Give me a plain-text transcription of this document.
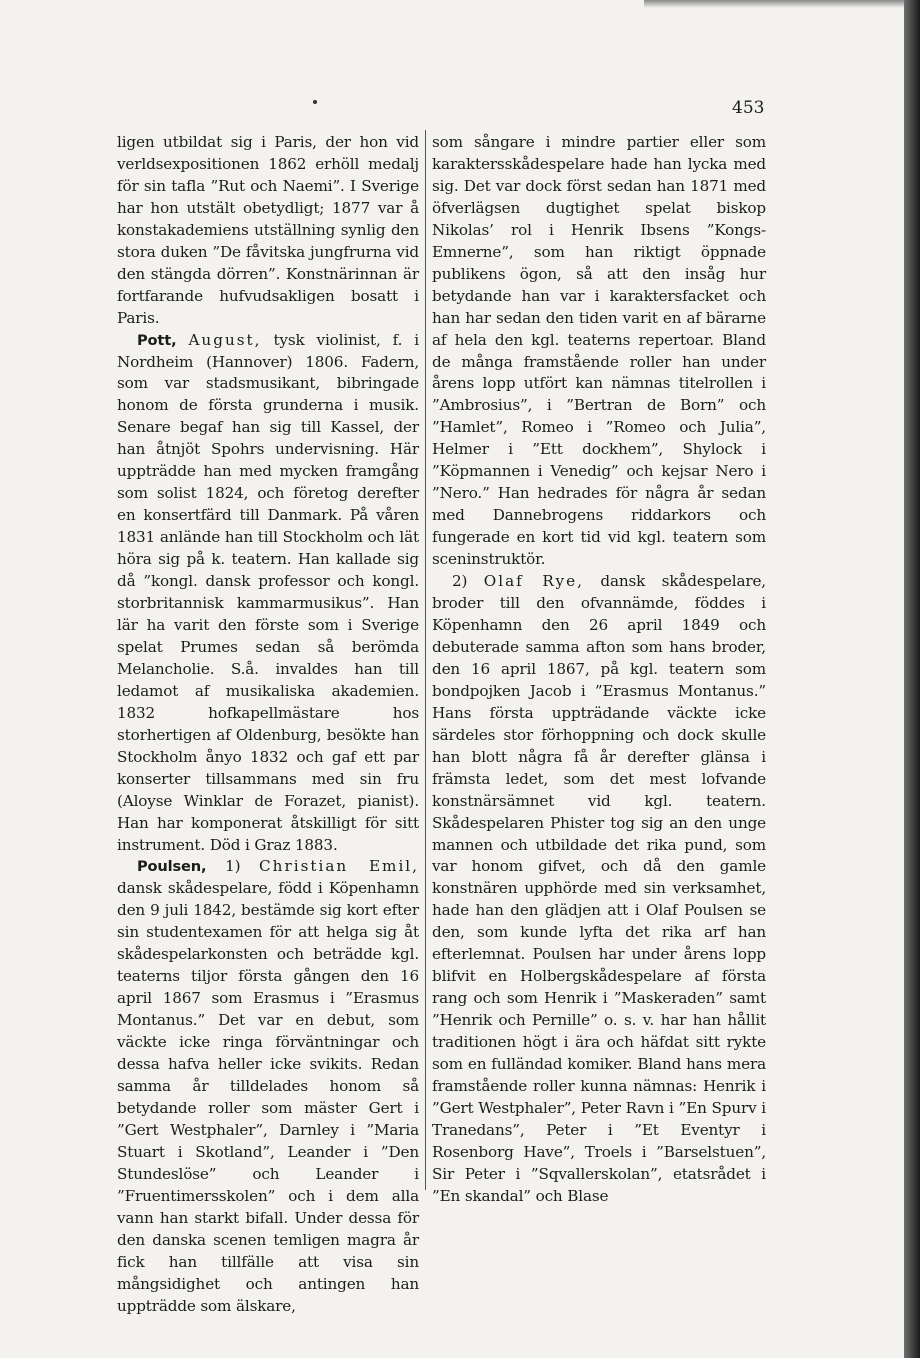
453

ligen utbildat sig i Paris, der hon vid verldsexpositionen 1862 erhöll medalj för sin tafla ”Rut och Naemi”. I Sverige har hon utstält obetydligt; 1877 var å konstakademiens utställning synlig den stora duken ”De fåvitska jungfrurna vid den stängda dörren”. Konstnärinnan är fortfarande hufvudsakligen bosatt i Paris.

Pott, August, tysk violinist, f. i Nordheim (Hannover) 1806. Fadern, som var stadsmusikant, bibringade honom de första grunderna i musik. Senare begaf han sig till Kassel, der han åtnjöt Spohrs undervisning. Här uppträdde han med mycken framgång som solist 1824, och företog derefter en konsertfärd till Danmark. På våren 1831 anlände han till Stockholm och lät höra sig på k. teatern. Han kallade sig då ”kongl. dansk professor och kongl. storbritannisk kammarmusikus”. Han lär ha varit den förste som i Sverige spelat Prumes sedan så berömda Melancholie. S.å. invaldes han till ledamot af musikaliska akademien. 1832 hofkapellmästare hos storhertigen af Oldenburg, besökte han Stockholm ånyo 1832 och gaf ett par konserter tillsammans med sin fru (Aloyse Winklar de Forazet, pianist). Han har komponerat åtskilligt för sitt instrument. Död i Graz 1883.

Poulsen, 1) Christian Emil, dansk skådespelare, född i Köpenhamn den 9 juli 1842, bestämde sig kort efter sin studentexamen för att helga sig åt skådespelarkonsten och beträdde kgl. teaterns tiljor första gången den 16 april 1867 som Erasmus i ”Erasmus Montanus.” Det var en debut, som väckte icke ringa förväntningar och dessa hafva heller icke svikits. Redan samma år tilldelades honom så betydande roller som mäster Gert i ”Gert Westphaler”, Darnley i ”Maria Stuart i Skotland”, Leander i ”Den Stundeslöse” och Leander i ”Fruentimersskolen” och i dem alla vann han starkt bifall. Under dessa för den danska scenen temligen magra år fick han tillfälle att visa sin mångsidighet och antingen han uppträdde som älskare,

som sångare i mindre partier eller som karaktersskådespelare hade han lycka med sig. Det var dock först sedan han 1871 med öfverlägsen dugtighet spelat biskop Nikolas’ rol i Henrik Ibsens ”Kongs-Emnerne”, som han riktigt öppnade publikens ögon, så att den insåg hur betydande han var i karaktersfacket och han har sedan den tiden varit en af bärarne af hela den kgl. teaterns repertoar. Bland de många framstående roller han under årens lopp utfört kan nämnas titelrollen i ”Ambrosius”, i ”Bertran de Born” och ”Hamlet”, Romeo i ”Romeo och Julia”, Helmer i ”Ett dockhem”, Shylock i ”Köpmannen i Venedig” och kejsar Nero i ”Nero.” Han hedrades för några år sedan med Dannebrogens riddarkors och fungerade en kort tid vid kgl. teatern som sceninstruktör.

2) Olaf Rye, dansk skådespelare, broder till den ofvannämde, föddes i Köpenhamn den 26 april 1849 och debuterade samma afton som hans broder, den 16 april 1867, på kgl. teatern som bondpojken Jacob i ”Erasmus Montanus.” Hans första uppträdande väckte icke särdeles stor förhoppning och dock skulle han blott några få år derefter glänsa i främsta ledet, som det mest lofvande konstnärsämnet vid kgl. teatern. Skådespelaren Phister tog sig an den unge mannen och utbildade det rika pund, som var honom gifvet, och då den gamle konstnären upphörde med sin verksamhet, hade han den glädjen att i Olaf Poulsen se den, som kunde lyfta det rika arf han efterlemnat. Poulsen har under årens lopp blifvit en Holbergskådespelare af första rang och som Henrik i ”Maskeraden” samt ”Henrik och Pernille” o. s. v. har han hållit traditionen högt i ära och häfdat sitt rykte som en fulländad komiker. Bland hans mera framstående roller kunna nämnas: Henrik i ”Gert Westphaler”, Peter Ravn i ”En Spurv i Tranedans”, Peter i ”Et Eventyr i Rosenborg Have”, Troels i ”Barselstuen”, Sir Peter i ”Sqvallerskolan”, etatsrådet i ”En skandal” och Blase
